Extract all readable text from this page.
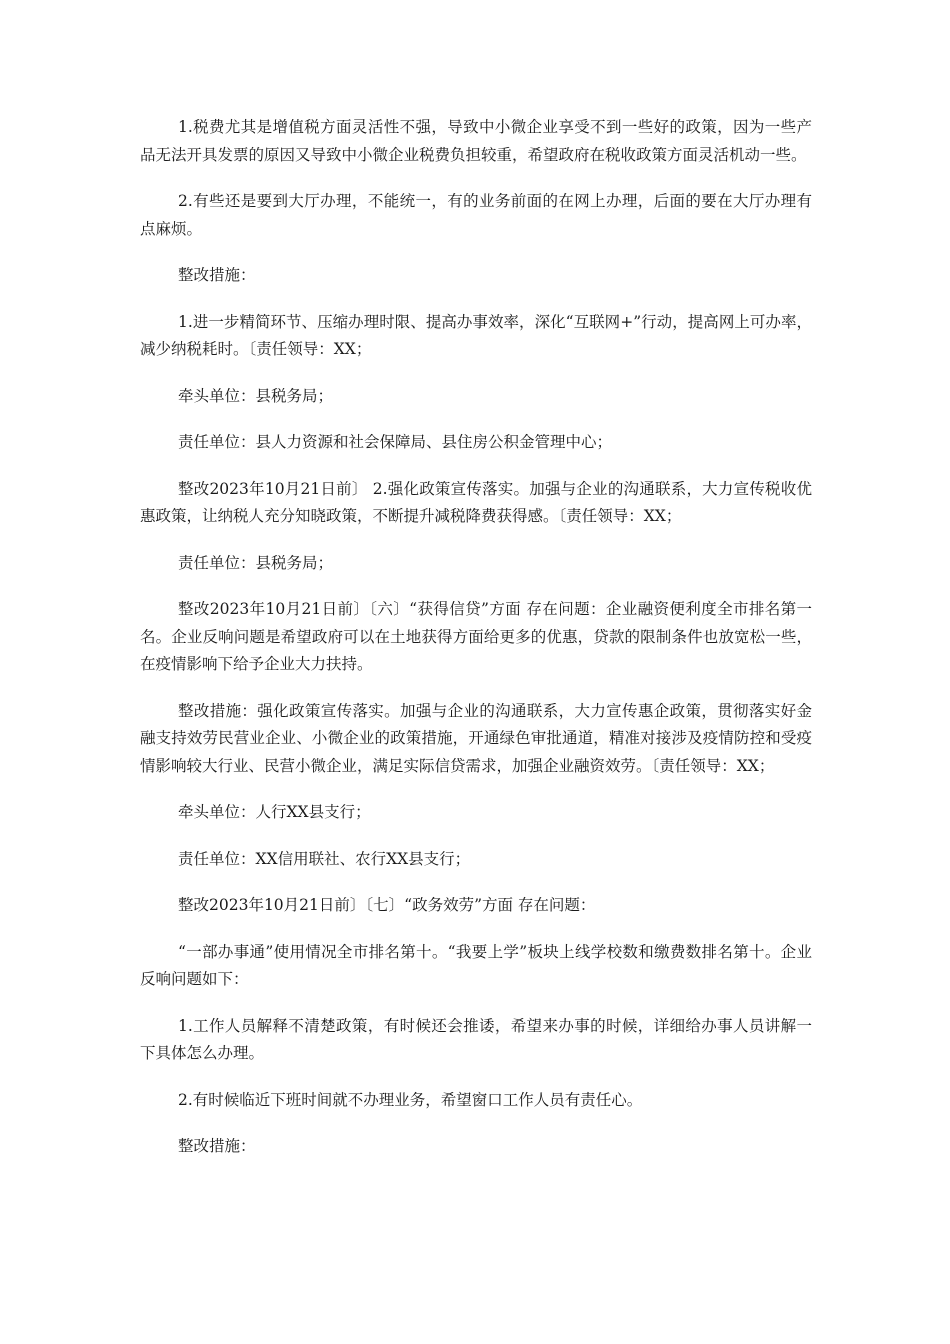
1.税费尤其是增值税方面灵活性不强，导致中小微企业享受不到一些好的政策，因为一些产品无法开具发票的原因又导致中小微企业税费负担较重，希望政府在税收政策方面灵活机动一些。

2.有些还是要到大厅办理，不能统一，有的业务前面的在网上办理，后面的要在大厅办理有点麻烦。

整改措施：

1.进一步精简环节、压缩办理时限、提高办事效率，深化“互联网+”行动，提高网上可办率，减少纳税耗时。〔责任领导：XX；

牵头单位：县税务局；

责任单位：县人力资源和社会保障局、县住房公积金管理中心；

整改2023年10月21日前〕 2.强化政策宣传落实。加强与企业的沟通联系，大力宣传税收优惠政策，让纳税人充分知晓政策，不断提升减税降费获得感。〔责任领导：XX；

责任单位：县税务局；

整改2023年10月21日前〕〔六〕“获得信贷”方面 存在问题：企业融资便利度全市排名第一名。企业反响问题是希望政府可以在土地获得方面给更多的优惠，贷款的限制条件也放宽松一些，在疫情影响下给予企业大力扶持。

整改措施：强化政策宣传落实。加强与企业的沟通联系，大力宣传惠企政策，贯彻落实好金融支持效劳民营业企业、小微企业的政策措施，开通绿色审批通道，精准对接涉及疫情防控和受疫情影响较大行业、民营小微企业，满足实际信贷需求，加强企业融资效劳。〔责任领导：XX；

牵头单位：人行XX县支行；

责任单位：XX信用联社、农行XX县支行；

整改2023年10月21日前〕〔七〕“政务效劳”方面 存在问题：

“一部办事通”使用情况全市排名第十。“我要上学”板块上线学校数和缴费数排名第十。企业反响问题如下：

1.工作人员解释不清楚政策，有时候还会推诿，希望来办事的时候，详细给办事人员讲解一下具体怎么办理。

2.有时候临近下班时间就不办理业务，希望窗口工作人员有责任心。

整改措施：
